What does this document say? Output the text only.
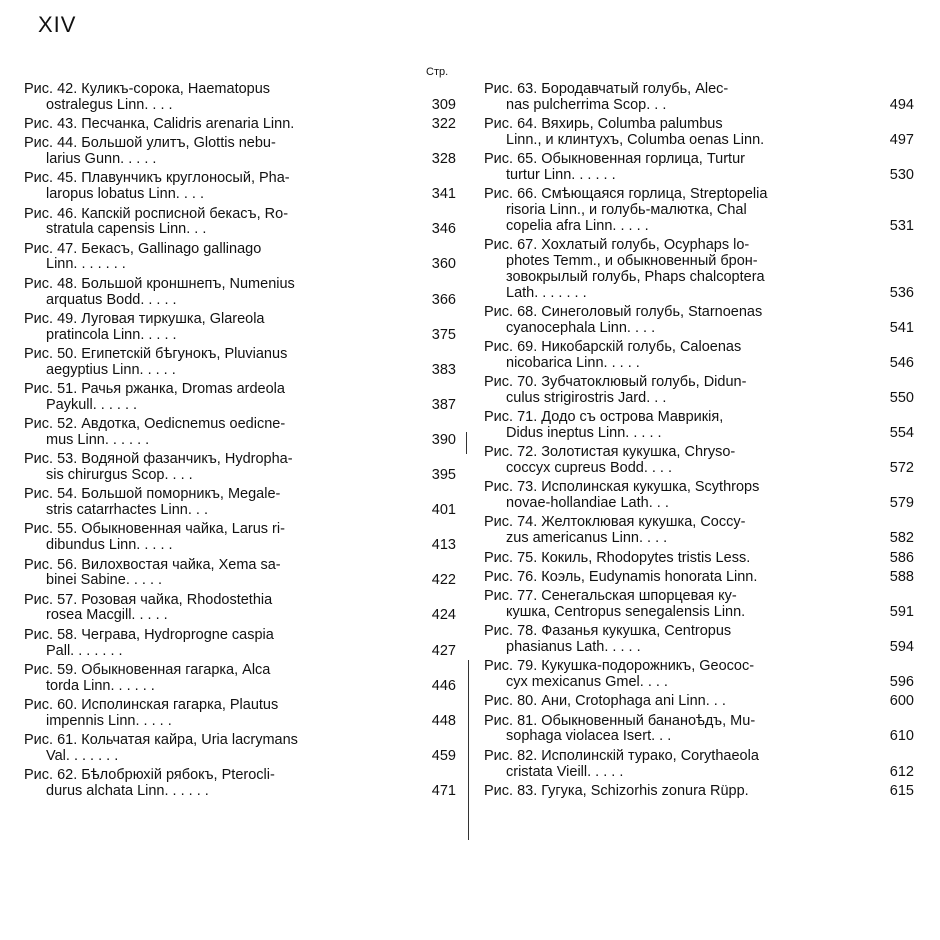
XIV
Стр.
Рис. 42. Куликъ-сорока, Haematopus
ostralegus Linn. . . .	309
Рис. 43. Песчанка, Calidris arenaria Linn.	322
Рис. 44. Большой улитъ, Glottis nebu-
larius Gunn. . . . .	328
Рис. 45. Плавунчикъ круглоносый, Pha-
laropus lobatus Linn. . . .	341
Рис. 46. Капскій росписной бекасъ, Ro-
stratula capensis Linn. . .	346
Рис. 47. Бекасъ, Gallinago gallinago
Linn. . . . . . .	360
Рис. 48. Большой кроншнепъ, Numenius
arquatus Bodd. . . . .	366
Рис. 49. Луговая тиркушка, Glareola
pratincola Linn. . . . .	375
Рис. 50. Египетскій бѣгунокъ, Pluvianus
aegyptius Linn. . . . .	383
Рис. 51. Рачья ржанка, Dromas ardeola
Paykull. . . . . .	387
Рис. 52. Авдотка, Oedicnemus oedicne-
mus Linn. . . . . .	390
Рис. 53. Водяной фазанчикъ, Hydropha-
sis chirurgus Scop. . . .	395
Рис. 54. Большой поморникъ, Megale-
stris catarrhactes Linn. . .	401
Рис. 55. Обыкновенная чайка, Larus ri-
dibundus Linn. . . . .	413
Рис. 56. Вилохвостая чайка, Xema sa-
binei Sabine. . . . .	422
Рис. 57. Розовая чайка, Rhodostethia
rosea Macgill. . . . .	424
Рис. 58. Чеграва, Hydroprogne caspia
Pall. . . . . . .	427
Рис. 59. Обыкновенная гагарка, Alca
torda Linn. . . . . .	446
Рис. 60. Исполинская гагарка, Plautus
impennis Linn. . . . .	448
Рис. 61. Кольчатая кайра, Uria lacrymans
Val. . . . . . .	459
Рис. 62. Бѣлобрюхій рябокъ, Pterocli-
durus alchata Linn. . . . . .	471
Рис. 63. Бородавчатый голубь, Alec-
nas pulcherrima Scop. . .	494
Рис. 64. Вяхирь, Columba palumbus
Linn., и клинтухъ, Columba oenas Linn.	497
Рис. 65. Обыкновенная горлица, Turtur
turtur Linn. . . . . .	530
Рис. 66. Смѣющаяся горлица, Streptopelia
risoria Linn., и голубь-малютка, Chal
copelia afra Linn. . . . .	531
Рис. 67. Хохлатый голубь, Ocyphaps lo-
photes Temm., и обыкновенный брон-
зовокрылый голубь, Phaps chalcoptera
Lath. . . . . . .	536
Рис. 68. Синеголовый голубь, Starnoenas
cyanocephala Linn. . . .	541
Рис. 69. Никобарскій голубь, Caloenas
nicobarica Linn. . . . .	546
Рис. 70. Зубчатоклювый голубь, Didun-
culus strigirostris Jard. . .	550
Рис. 71. Додо съ острова Маврикія,
Didus ineptus Linn. . . . .	554
Рис. 72. Золотистая кукушка, Chryso-
coccyx cupreus Bodd. . . .	572
Рис. 73. Исполинская кукушка, Scythrops
novae-hollandiae Lath. . .	579
Рис. 74. Желтоклювая кукушка, Coccy-
zus americanus Linn. . . .	582
Рис. 75. Кокиль, Rhodopytes tristis Less.	586
Рис. 76. Коэль, Eudynamis honorata Linn.	588
Рис. 77. Сенегальская шпорцевая ку-
кушка, Centropus senegalensis Linn.	591
Рис. 78. Фазанья кукушка, Centropus
phasianus Lath. . . . .	594
Рис. 79. Кукушка-подорожникъ, Geococ-
cyx mexicanus Gmel. . . .	596
Рис. 80. Ани, Crotophaga ani Linn. . .	600
Рис. 81. Обыкновенный бананоѣдъ, Mu-
sophaga violacea Isert. . .	610
Рис. 82. Исполинскій турако, Corythaeola
cristata Vieill. . . . .	612
Рис. 83. Гугука, Schizorhis zonura Rüpp.	615
